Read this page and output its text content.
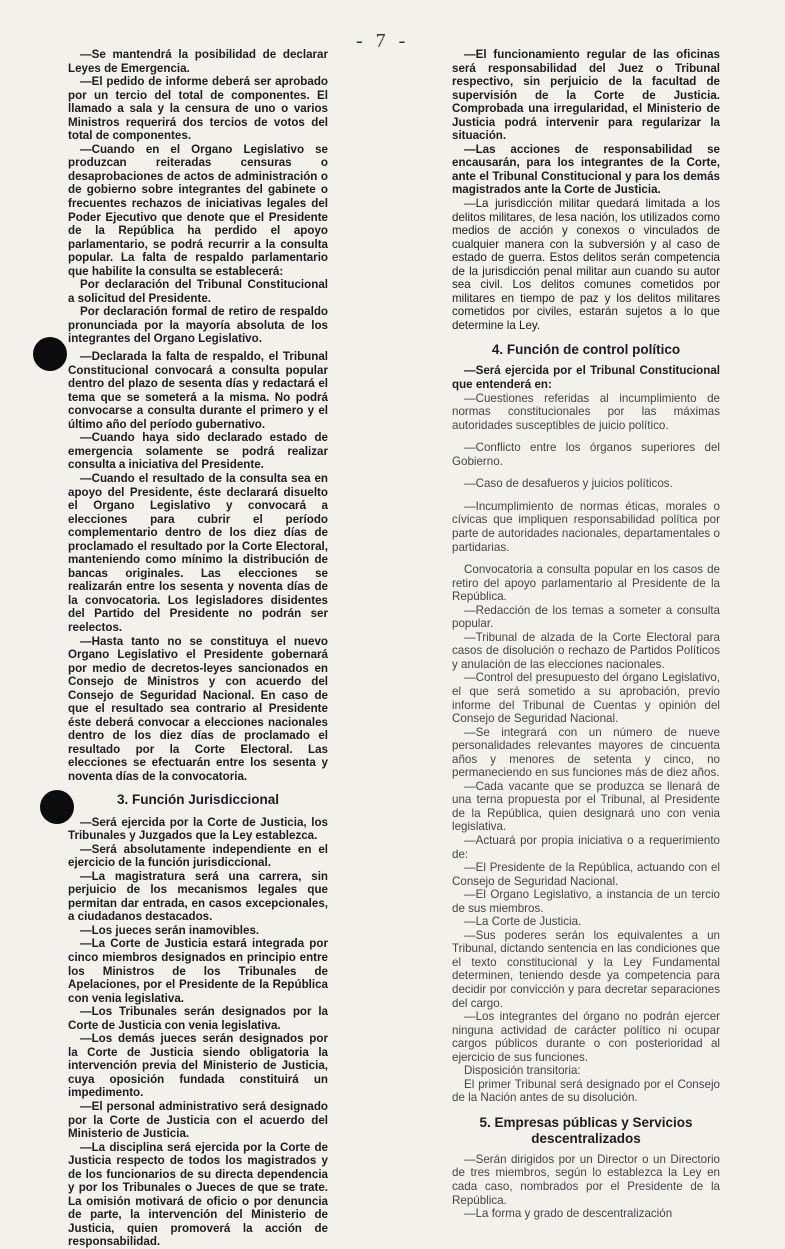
- 7 -

—Se mantendrá la posibilidad de declarar Leyes de Emergencia.

—El pedido de informe deberá ser aprobado por un tercio del total de componentes. El llamado a sala y la censura de uno o varios Ministros requerirá dos tercios de votos del total de componentes.

—Cuando en el Organo Legislativo se produzcan reiteradas censuras o desaprobaciones de actos de administración o de gobierno sobre integrantes del gabinete o frecuentes rechazos de iniciativas legales del Poder Ejecutivo que denote que el Presidente de la República ha perdido el apoyo parlamentario, se podrá recurrir a la consulta popular. La falta de respaldo parlamentario que habilite la consulta se establecerá:

Por declaración del Tribunal Constitucional a solicitud del Presidente.

Por declaración formal de retiro de respaldo pronunciada por la mayoría absoluta de los integrantes del Organo Legislativo.

—Declarada la falta de respaldo, el Tribunal Constitucional convocará a consulta popular dentro del plazo de sesenta días y redactará el tema que se someterá a la misma. No podrá convocarse a consulta durante el primero y el último año del período gubernativo.

—Cuando haya sido declarado estado de emergencia solamente se podrá realizar consulta a iniciativa del Presidente.

—Cuando el resultado de la consulta sea en apoyo del Presidente, éste declarará disuelto el Organo Legislativo y convocará a elecciones para cubrir el período complementario dentro de los diez días de proclamado el resultado por la Corte Electoral, manteniendo como mínimo la distribución de bancas originales. Las elecciones se realizarán entre los sesenta y noventa días de la convocatoria. Los legisladores disidentes del Partido del Presidente no podrán ser reelectos.

—Hasta tanto no se constituya el nuevo Organo Legislativo el Presidente gobernará por medio de decretos-leyes sancionados en Consejo de Ministros y con acuerdo del Consejo de Seguridad Nacional. En caso de que el resultado sea contrario al Presidente éste deberá convocar a elecciones nacionales dentro de los diez días de proclamado el resultado por la Corte Electoral. Las elecciones se efectuarán entre los sesenta y noventa días de la convocatoria.

3. Función Jurisdiccional

—Será ejercida por la Corte de Justicia, los Tribunales y Juzgados que la Ley establezca.

—Será absolutamente independiente en el ejercicio de la función jurisdiccional.

—La magistratura será una carrera, sin perjuicio de los mecanismos legales que permitan dar entrada, en casos excepcionales, a ciudadanos destacados.

—Los jueces serán inamovibles.

—La Corte de Justicia estará integrada por cinco miembros designados en principio entre los Ministros de los Tribunales de Apelaciones, por el Presidente de la República con venia legislativa.

—Los Tribunales serán designados por la Corte de Justicia con venia legislativa.

—Los demás jueces serán designados por la Corte de Justicia siendo obligatoria la intervención previa del Ministerio de Justicia, cuya oposición fundada constituirá un impedimento.

—El personal administrativo será designado por la Corte de Justicia con el acuerdo del Ministerio de Justicia.

—La disciplina será ejercida por la Corte de Justicia respecto de todos los magistrados y de los funcionarios de su directa dependencia y por los Tribunales o Jueces de que se trate. La omisión motivará de oficio o por denuncia de parte, la intervención del Ministerio de Justicia, quien promoverá la acción de responsabilidad.

—El funcionamiento regular de las oficinas será responsabilidad del Juez o Tribunal respectivo, sin perjuicio de la facultad de supervisión de la Corte de Justicia. Comprobada una irregularidad, el Ministerio de Justicia podrá intervenir para regularizar la situación.

—Las acciones de responsabilidad se encausarán, para los integrantes de la Corte, ante el Tribunal Constitucional y para los demás magistrados ante la Corte de Justicia.

—La jurisdicción militar quedará limitada a los delitos militares, de lesa nación, los utilizados como medios de acción y conexos o vinculados de cualquier manera con la subversión y al caso de estado de guerra. Estos delitos serán competencia de la jurisdicción penal militar aun cuando su autor sea civil. Los delitos comunes cometidos por militares en tiempo de paz y los delitos militares cometidos por civiles, estarán sujetos a lo que determine la Ley.

4. Función de control político

—Será ejercida por el Tribunal Constitucional que entenderá en:

—Cuestiones referidas al incumplimiento de normas constitucionales por las máximas autoridades susceptibles de juicio político.

—Conflicto entre los órganos superiores del Gobierno.

—Caso de desafueros y juicios políticos.

—Incumplimiento de normas éticas, morales o cívicas que impliquen responsabilidad política por parte de autoridades nacionales, departamentales o partidarias.

Convocatoria a consulta popular en los casos de retiro del apoyo parlamentario al Presidente de la República.

—Redacción de los temas a someter a consulta popular.

—Tribunal de alzada de la Corte Electoral para casos de disolución o rechazo de Partidos Políticos y anulación de las elecciones nacionales.

—Control del presupuesto del órgano Legislativo, el que será sometido a su aprobación, previo informe del Tribunal de Cuentas y opinión del Consejo de Seguridad Nacional.

—Se integrará con un número de nueve personalidades relevantes mayores de cincuenta años y menores de setenta y cinco, no permaneciendo en sus funciones más de diez años.

—Cada vacante que se produzca se llenará de una terna propuesta por el Tribunal, al Presidente de la República, quien designará uno con venia legislativa.

—Actuará por propia iniciativa o a requerimiento de:

—El Presidente de la República, actuando con el Consejo de Seguridad Nacional.

—El Organo Legislativo, a instancia de un tercio de sus miembros.

—La Corte de Justicia.

—Sus poderes serán los equivalentes a un Tribunal, dictando sentencia en las condiciones que el texto constitucional y la Ley Fundamental determinen, teniendo desde ya competencia para decidir por convicción y para decretar separaciones del cargo.

—Los integrantes del órgano no podrán ejercer ninguna actividad de carácter político ni ocupar cargos públicos durante o con posterioridad al ejercicio de sus funciones.

Disposición transitoria:

El primer Tribunal será designado por el Consejo de la Nación antes de su disolución.

5. Empresas públicas y Servicios descentralizados

—Serán dirigidos por un Director o un Directorio de tres miembros, según lo establezca la Ley en cada caso, nombrados por el Presidente de la República.

—La forma y grado de descentralización
